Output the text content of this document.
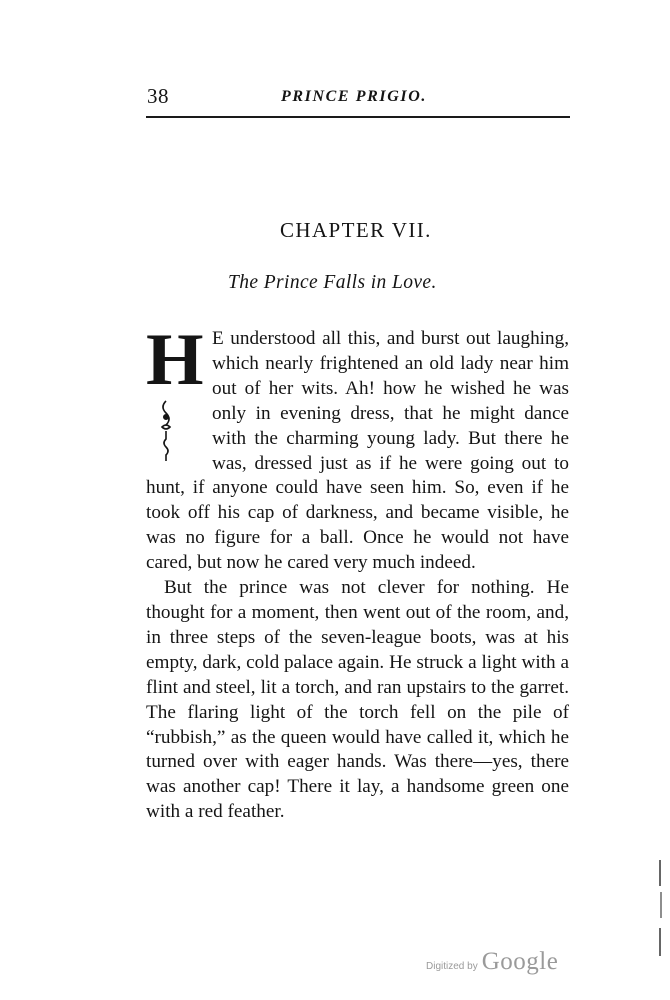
38	PRINCE PRIGIO.
CHAPTER VII.
The Prince Falls in Love.

H E understood all this, and burst out laughing, which nearly frightened an old lady near him out of her wits. Ah! how he wished he was only in evening dress, that he might dance with the charming young lady. But there he was, dressed just as if he were going out to hunt, if anyone could have seen him. So, even if he took off his cap of darkness, and became visible, he was no figure for a ball. Once he would not have cared, but now he cared very much indeed.

But the prince was not clever for nothing. He thought for a moment, then went out of the room, and, in three steps of the seven-league boots, was at his empty, dark, cold palace again. He struck a light with a flint and steel, lit a torch, and ran upstairs to the garret. The flaring light of the torch fell on the pile of “rubbish,” as the queen would have called it, which he turned over with eager hands. Was there—yes, there was another cap! There it lay, a handsome green one with a red feather.

Digitized by Google
